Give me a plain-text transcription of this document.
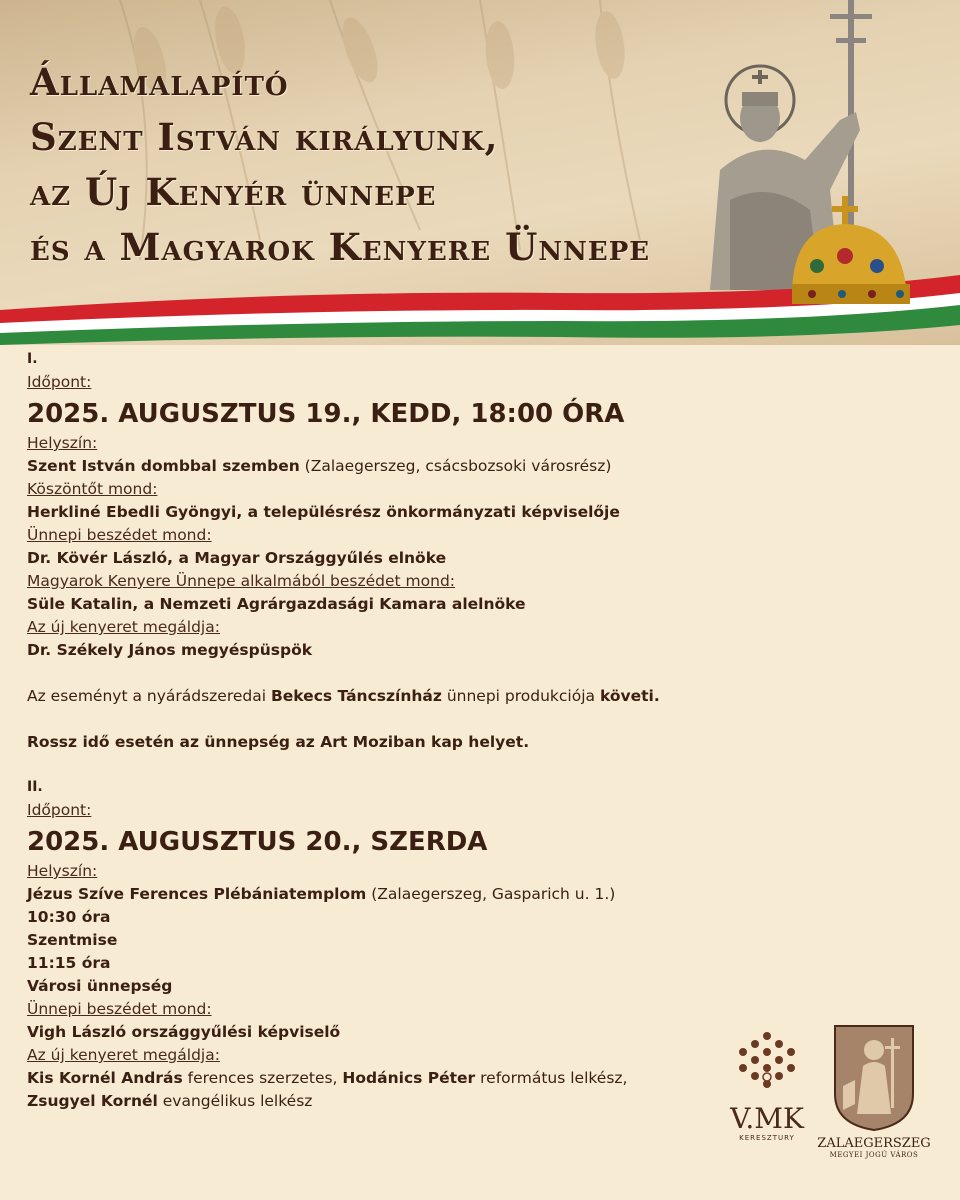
Államalapító
Szent István királyunk,
az Új Kenyér ünnepe
és a Magyarok Kenyere Ünnepe
I.
Időpont:
2025. AUGUSZTUS 19., KEDD, 18:00 ÓRA
Helyszín:
Szent István dombbal szemben (Zalaegerszeg, csácsbozsoki városrész)
Köszöntőt mond:
Herkliné Ebedli Gyöngyi, a településrész önkormányzati képviselője
Ünnepi beszédet mond:
Dr. Kövér László, a Magyar Országgyűlés elnöke
Magyarok Kenyere Ünnepe alkalmából beszédet mond:
Süle Katalin, a Nemzeti Agrárgazdasági Kamara alelnöke
Az új kenyeret megáldja:
Dr. Székely János megyéspüspök
Az eseményt a nyárádszeredai Bekecs Táncszínház ünnepi produkciója követi.
Rossz idő esetén az ünnepség az Art Moziban kap helyet.
II.
Időpont:
2025. AUGUSZTUS 20., SZERDA
Helyszín:
Jézus Szíve Ferences Plébániatemplom (Zalaegerszeg, Gasparich u. 1.)
10:30 óra
Szentmise
11:15 óra
Városi ünnepség
Ünnepi beszédet mond:
Vigh László országgyűlési képviselő
Az új kenyeret megáldja:
Kis Kornél András ferences szerzetes, Hodánics Péter református lelkész,
Zsugyel Kornél evangélikus lelkész
V.MK
KERESZTURY	ZALAEGERSZEG
MEGYEI JOGÚ VÁROS
